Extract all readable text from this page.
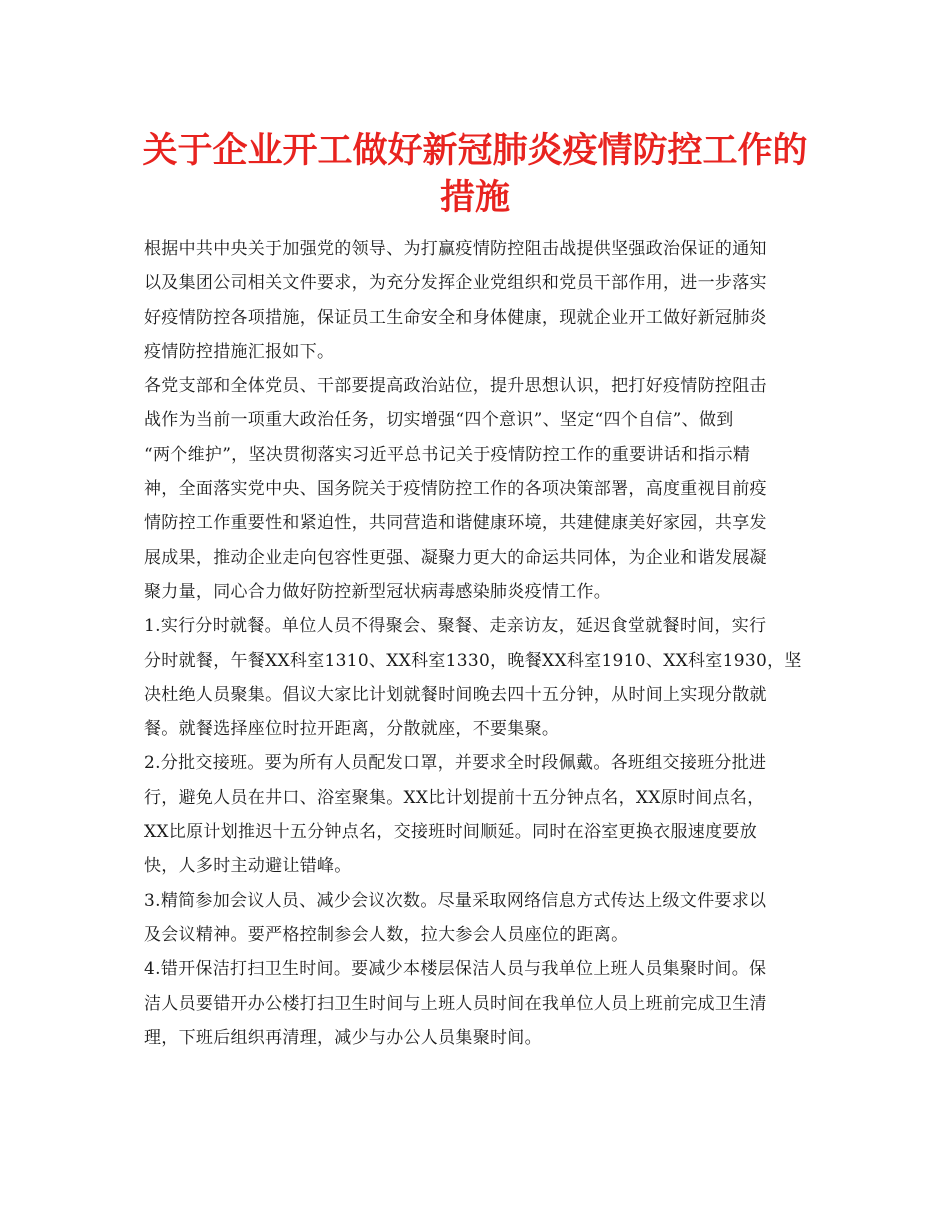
关于企业开工做好新冠肺炎疫情防控工作的
措施
根据中共中央关于加强党的领导、为打赢疫情防控阻击战提供坚强政治保证的通知
以及集团公司相关文件要求，为充分发挥企业党组织和党员干部作用，进一步落实
好疫情防控各项措施，保证员工生命安全和身体健康，现就企业开工做好新冠肺炎
疫情防控措施汇报如下。
各党支部和全体党员、干部要提高政治站位，提升思想认识，把打好疫情防控阻击
战作为当前一项重大政治任务，切实增强“四个意识”、坚定“四个自信”、做到
“两个维护”，坚决贯彻落实习近平总书记关于疫情防控工作的重要讲话和指示精
神，全面落实党中央、国务院关于疫情防控工作的各项决策部署，高度重视目前疫
情防控工作重要性和紧迫性，共同营造和谐健康环境，共建健康美好家园，共享发
展成果，推动企业走向包容性更强、凝聚力更大的命运共同体，为企业和谐发展凝
聚力量，同心合力做好防控新型冠状病毒感染肺炎疫情工作。
1.实行分时就餐。单位人员不得聚会、聚餐、走亲访友，延迟食堂就餐时间，实行
分时就餐，午餐XX科室1310、XX科室1330，晚餐XX科室1910、XX科室1930，坚
决杜绝人员聚集。倡议大家比计划就餐时间晚去四十五分钟，从时间上实现分散就
餐。就餐选择座位时拉开距离，分散就座，不要集聚。
2.分批交接班。要为所有人员配发口罩，并要求全时段佩戴。各班组交接班分批进
行，避免人员在井口、浴室聚集。XX比计划提前十五分钟点名，XX原时间点名，
XX比原计划推迟十五分钟点名，交接班时间顺延。同时在浴室更换衣服速度要放
快，人多时主动避让错峰。
3.精简参加会议人员、减少会议次数。尽量采取网络信息方式传达上级文件要求以
及会议精神。要严格控制参会人数，拉大参会人员座位的距离。
4.错开保洁打扫卫生时间。要减少本楼层保洁人员与我单位上班人员集聚时间。保
洁人员要错开办公楼打扫卫生时间与上班人员时间在我单位人员上班前完成卫生清
理，下班后组织再清理，减少与办公人员集聚时间。
